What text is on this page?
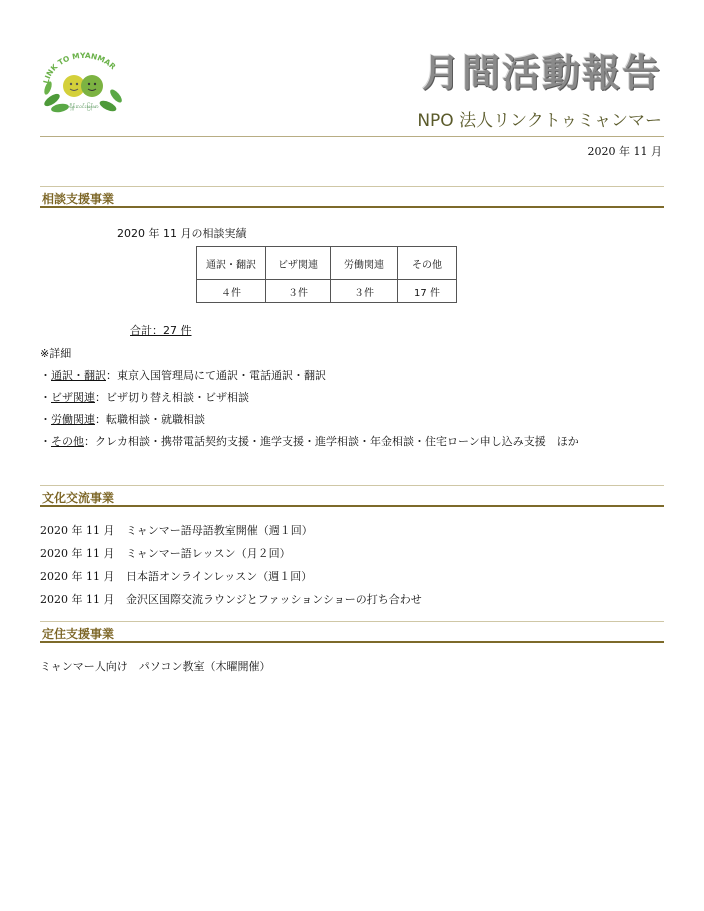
LINK TO MYANMAR
ရှိန်းလင်းမြန်မာ
月間活動報告
NPO 法人リンクトゥミャンマー
2020 年 11 月
相談支援事業
2020 年 11 月の相談実績
通訳・翻訳	ビザ関連	労働関連	その他
４件	３件	３件	17 件
合計：27 件
※詳細
・通訳・翻訳：東京入国管理局にて通訳・電話通訳・翻訳
・ビザ関連：ビザ切り替え相談・ビザ相談
・労働関連：転職相談・就職相談
・その他：クレカ相談・携帯電話契約支援・進学支援・進学相談・年金相談・住宅ローン申し込み支援　ほか
文化交流事業
2020 年 11 月 ミャンマー語母語教室開催（週１回）
2020 年 11 月 ミャンマー語レッスン（月２回）
2020 年 11 月 日本語オンラインレッスン（週１回）
2020 年 11 月 金沢区国際交流ラウンジとファッションショーの打ち合わせ
定住支援事業
ミャンマー人向け　パソコン教室（木曜開催）
